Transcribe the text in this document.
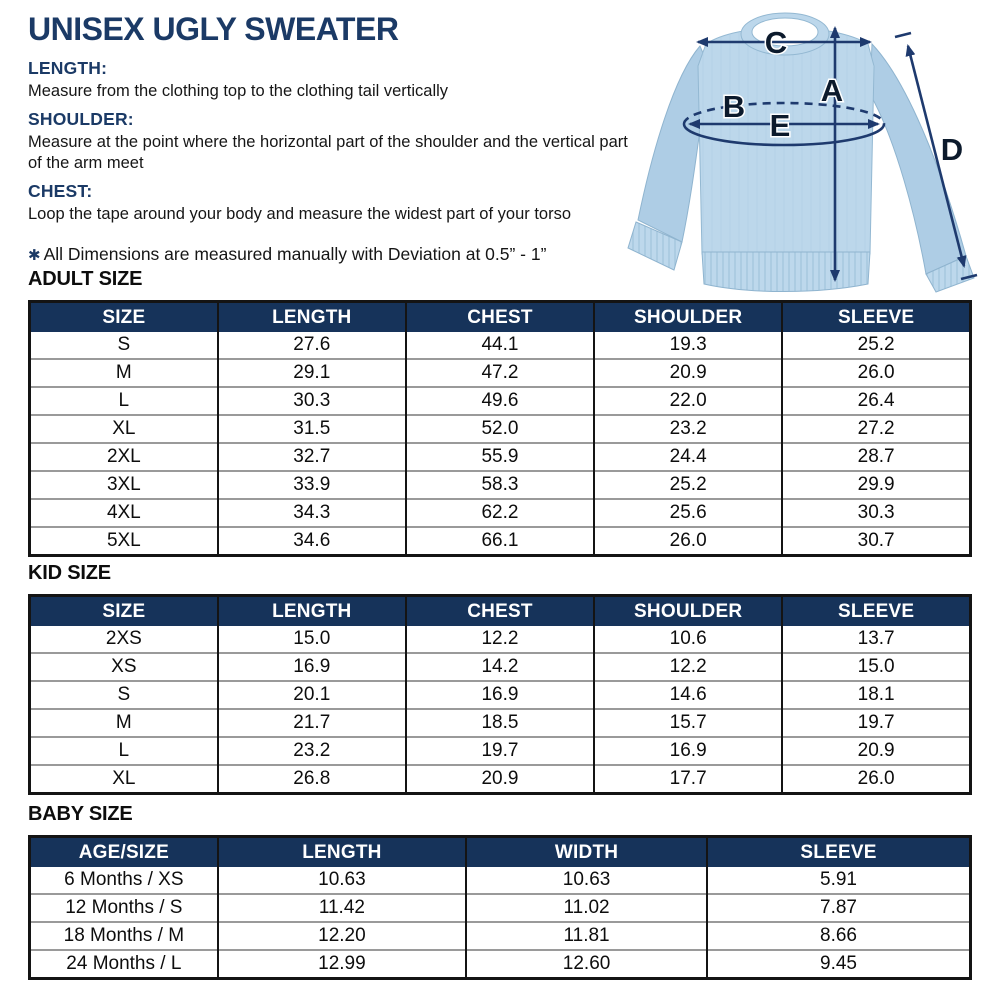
UNISEX UGLY SWEATER
LENGTH:

Measure from the clothing top to the clothing tail vertically

SHOULDER:

Measure at the point where the horizontal part of the shoulder and the vertical part of the arm meet

CHEST:

Loop the tape around your body and measure the widest part of your torso

✱ All Dimensions are measured manually with Deviation at 0.5” - 1”

C
A
B
E
D
ADULT SIZE
SIZE	LENGTH	CHEST	SHOULDER	SLEEVE
S	27.6	44.1	19.3	25.2
M	29.1	47.2	20.9	26.0
L	30.3	49.6	22.0	26.4
XL	31.5	52.0	23.2	27.2
2XL	32.7	55.9	24.4	28.7
3XL	33.9	58.3	25.2	29.9
4XL	34.3	62.2	25.6	30.3
5XL	34.6	66.1	26.0	30.7
KID SIZE
SIZE	LENGTH	CHEST	SHOULDER	SLEEVE
2XS	15.0	12.2	10.6	13.7
XS	16.9	14.2	12.2	15.0
S	20.1	16.9	14.6	18.1
M	21.7	18.5	15.7	19.7
L	23.2	19.7	16.9	20.9
XL	26.8	20.9	17.7	26.0
BABY SIZE
AGE/SIZE	LENGTH	WIDTH	SLEEVE
6 Months / XS	10.63	10.63	5.91
12 Months / S	11.42	11.02	7.87
18 Months / M	12.20	11.81	8.66
24 Months / L	12.99	12.60	9.45
